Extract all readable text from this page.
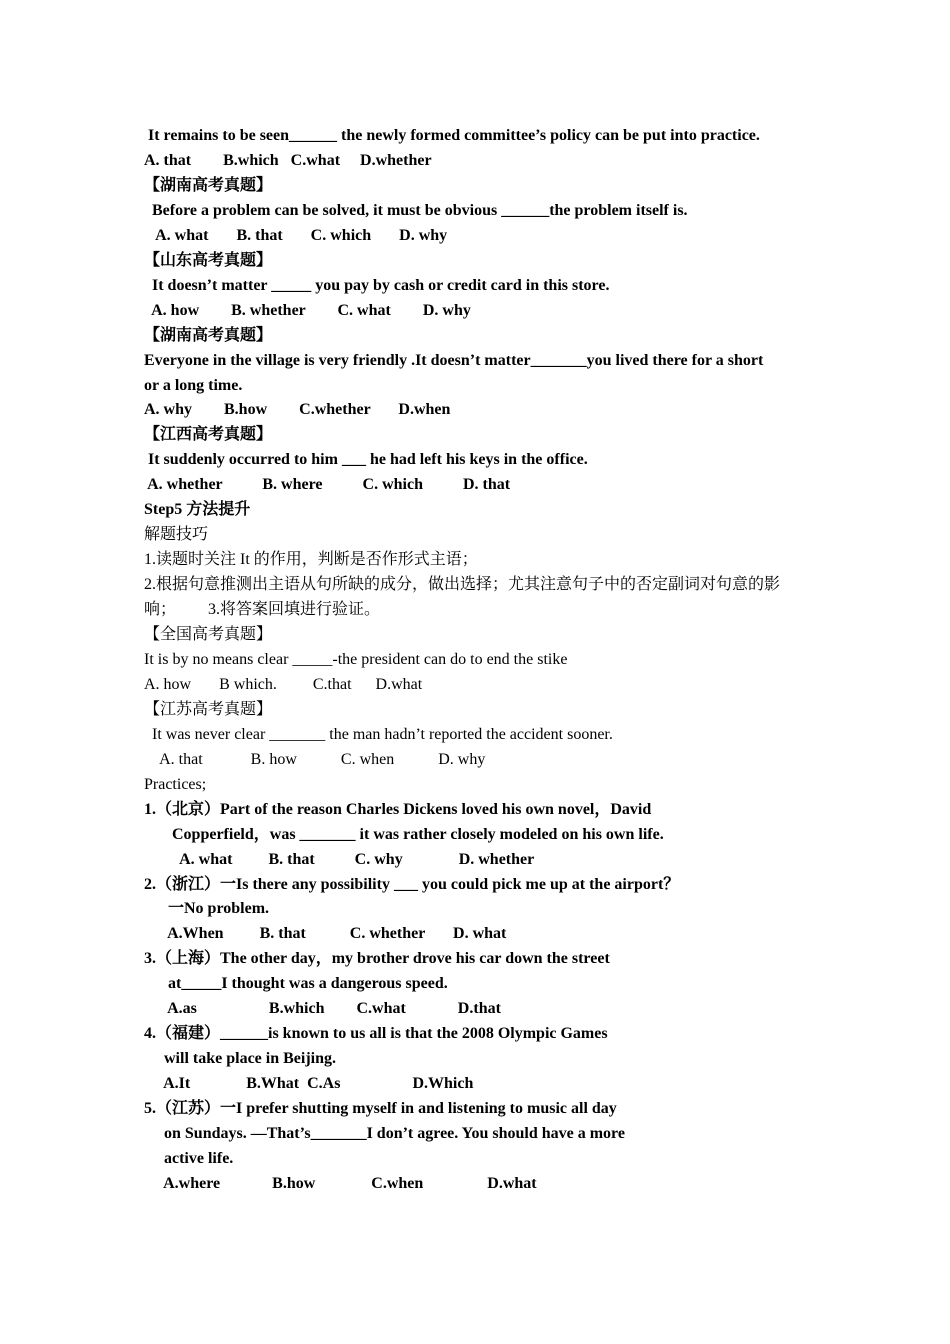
It remains to be seen______ the newly formed committee’s policy can be put into practice.
A. that        B.which   C.what     D.whether
【湖南高考真题】
Before a problem can be solved, it must be obvious ______the problem itself is.
A. what       B. that       C. which       D. why
【山东高考真题】
It doesn’t matter _____ you pay by cash or credit card in this store.
A. how        B. whether        C. what        D. why
【湖南高考真题】
Everyone in the village is very friendly .It doesn’t matter_______you lived there for a short
or a long time.
A. why        B.how        C.whether       D.when
【江西高考真题】
It suddenly occurred to him ___ he had left his keys in the office.
A. whether          B. where          C. which          D. that
Step5 方法提升
解题技巧
1.读题时关注 It 的作用，判断是否作形式主语；
2.根据句意推测出主语从句所缺的成分，做出选择；尤其注意句子中的否定副词对句意的影
响；        3.将答案回填进行验证。
【全国高考真题】
It is by no means clear _____-the president can do to end the stike
A. how       B which.         C.that      D.what
【江苏高考真题】
It was never clear _______ the man hadn’t reported the accident sooner.
A. that            B. how           C. when           D. why
Practices;
1.（北京）Part of the reason Charles Dickens loved his own novel，David
Copperfield，was _______ it was rather closely modeled on his own life.
A. what         B. that          C. why              D. whether
2.（浙江）一Is there any possibility ___ you could pick me up at the airport？
一No problem.
A.When         B. that           C. whether       D. what
3.（上海）The other day，my brother drove his car down the street
at_____I thought was a dangerous speed.
A.as                  B.which        C.what             D.that
4.（福建）______is known to us all is that the 2008 Olympic Games
will take place in Beijing.
A.It              B.What  C.As                  D.Which
5.（江苏）一I prefer shutting myself in and listening to music all day
on Sundays. —That’s_______I don’t agree. You should have a more
active life.
A.where             B.how              C.when                D.what
